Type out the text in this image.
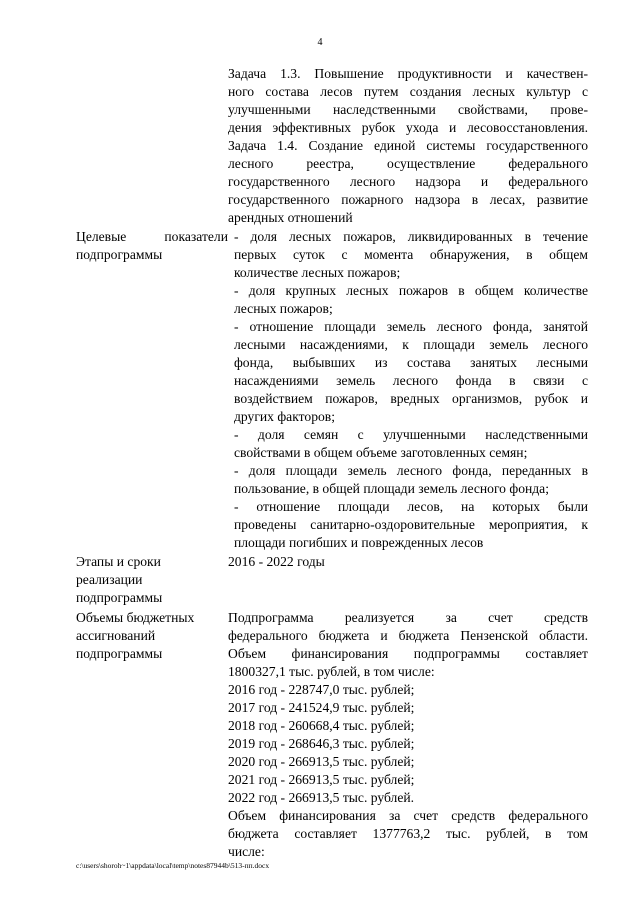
4
Задача 1.3. Повышение продуктивности и качествен-
ного состава лесов путем создания лесных культур с
улучшенными наследственными свойствами, прове-
дения эффективных рубок ухода и лесовосстановления.
Задача 1.4. Создание единой системы государственного
лесного реестра, осуществление федерального
государственного лесного надзора и федерального
государственного пожарного надзора в лесах, развитие
арендных отношений
Целевые показатели
подпрограммы
- доля лесных пожаров, ликвидированных в течение
первых суток с момента обнаружения, в общем
количестве лесных пожаров;
- доля крупных лесных пожаров в общем количестве
лесных пожаров;
- отношение площади земель лесного фонда, занятой
лесными насаждениями, к площади земель лесного
фонда, выбывших из состава занятых лесными
насаждениями земель лесного фонда в связи с
воздействием пожаров, вредных организмов, рубок и
других факторов;
- доля семян с улучшенными наследственными
свойствами в общем объеме заготовленных семян;
- доля площади земель лесного фонда, переданных в
пользование, в общей площади земель лесного фонда;
- отношение площади лесов, на которых были
проведены санитарно-оздоровительные мероприятия, к
площади погибших и поврежденных лесов
Этапы и сроки
реализации
подпрограммы
2016 - 2022 годы
Объемы бюджетных
ассигнований
подпрограммы
Подпрограмма реализуется за счет средств
федерального бюджета и бюджета Пензенской области.
Объем финансирования подпрограммы составляет
1800327,1 тыс. рублей, в том числе:
2016 год - 228747,0 тыс. рублей;
2017 год - 241524,9 тыс. рублей;
2018 год - 260668,4 тыс. рублей;
2019 год - 268646,3 тыс. рублей;
2020 год - 266913,5 тыс. рублей;
2021 год - 266913,5 тыс. рублей;
2022 год - 266913,5 тыс. рублей.
Объем финансирования за счет средств федерального
бюджета составляет 1377763,2 тыс. рублей, в том
числе:
c:\users\shoroh~1\appdata\local\temp\notes87944b\513-пп.docx
